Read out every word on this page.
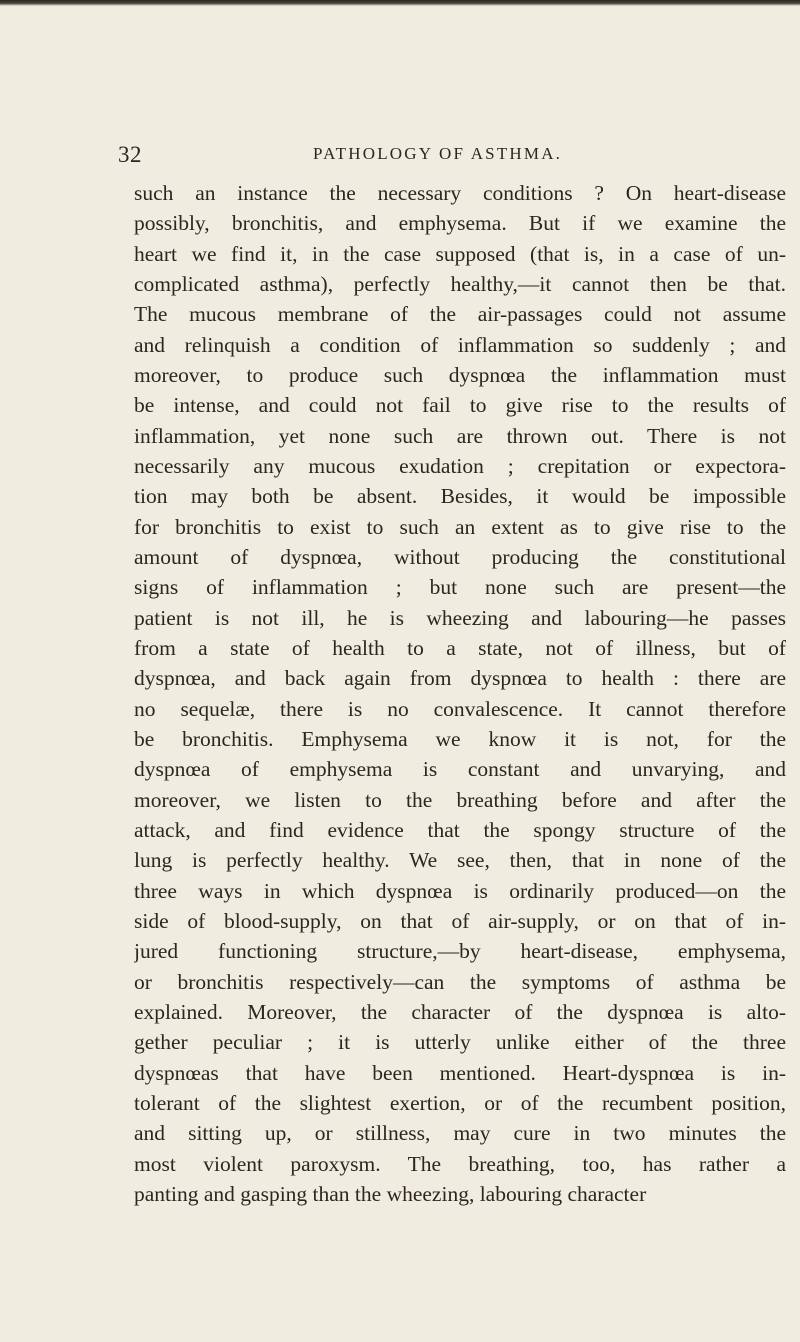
32	PATHOLOGY OF ASTHMA.
such an instance the necessary conditions ? On heart-disease
possibly, bronchitis, and emphysema. But if we examine the
heart we find it, in the case supposed (that is, in a case of un-
complicated asthma), perfectly healthy,—it cannot then be that.
The mucous membrane of the air-passages could not assume
and relinquish a condition of inflammation so suddenly ; and
moreover, to produce such dyspnœa the inflammation must
be intense, and could not fail to give rise to the results of
inflammation, yet none such are thrown out. There is not
necessarily any mucous exudation ; crepitation or expectora-
tion may both be absent. Besides, it would be impossible
for bronchitis to exist to such an extent as to give rise to the
amount of dyspnœa, without producing the constitutional
signs of inflammation ; but none such are present—the
patient is not ill, he is wheezing and labouring—he passes
from a state of health to a state, not of illness, but of
dyspnœa, and back again from dyspnœa to health : there are
no sequelæ, there is no convalescence. It cannot therefore
be bronchitis. Emphysema we know it is not, for the
dyspnœa of emphysema is constant and unvarying, and
moreover, we listen to the breathing before and after the
attack, and find evidence that the spongy structure of the
lung is perfectly healthy. We see, then, that in none of the
three ways in which dyspnœa is ordinarily produced—on the
side of blood-supply, on that of air-supply, or on that of in-
jured functioning structure,—by heart-disease, emphysema,
or bronchitis respectively—can the symptoms of asthma be
explained. Moreover, the character of the dyspnœa is alto-
gether peculiar ; it is utterly unlike either of the three
dyspnœas that have been mentioned. Heart-dyspnœa is in-
tolerant of the slightest exertion, or of the recumbent position,
and sitting up, or stillness, may cure in two minutes the
most violent paroxysm. The breathing, too, has rather a
panting and gasping than the wheezing, labouring character
